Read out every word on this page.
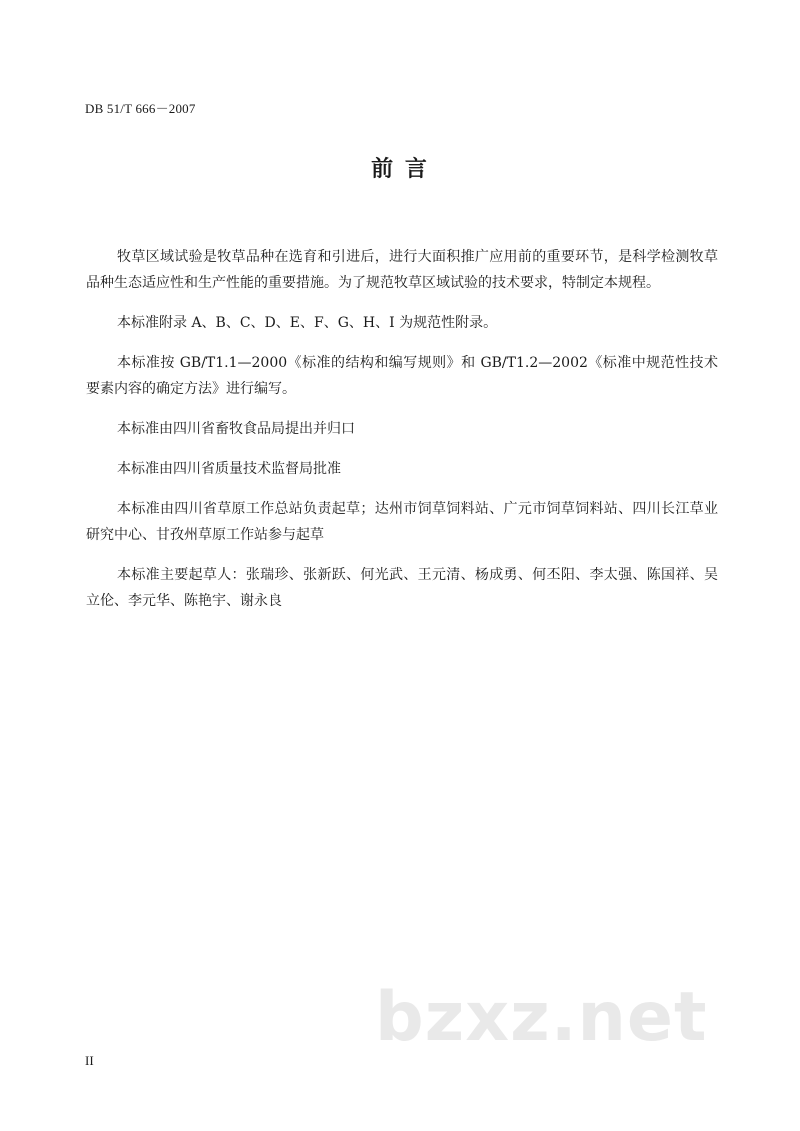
DB 51/T 666－2007
前 言

牧草区域试验是牧草品种在选育和引进后，进行大面积推广应用前的重要环节，是科学检测牧草品种生态适应性和生产性能的重要措施。为了规范牧草区域试验的技术要求，特制定本规程。

本标准附录 A、B、C、D、E、F、G、H、I 为规范性附录。

本标准按 GB/T1.1—2000《标准的结构和编写规则》和 GB/T1.2—2002《标准中规范性技术要素内容的确定方法》进行编写。

本标准由四川省畜牧食品局提出并归口

本标准由四川省质量技术监督局批准

本标准由四川省草原工作总站负责起草；达州市饲草饲料站、广元市饲草饲料站、四川长江草业研究中心、甘孜州草原工作站参与起草

本标准主要起草人：张瑞珍、张新跃、何光武、王元清、杨成勇、何丕阳、李太强、陈国祥、吴立伦、李元华、陈艳宇、谢永良

II
bzxz.net
